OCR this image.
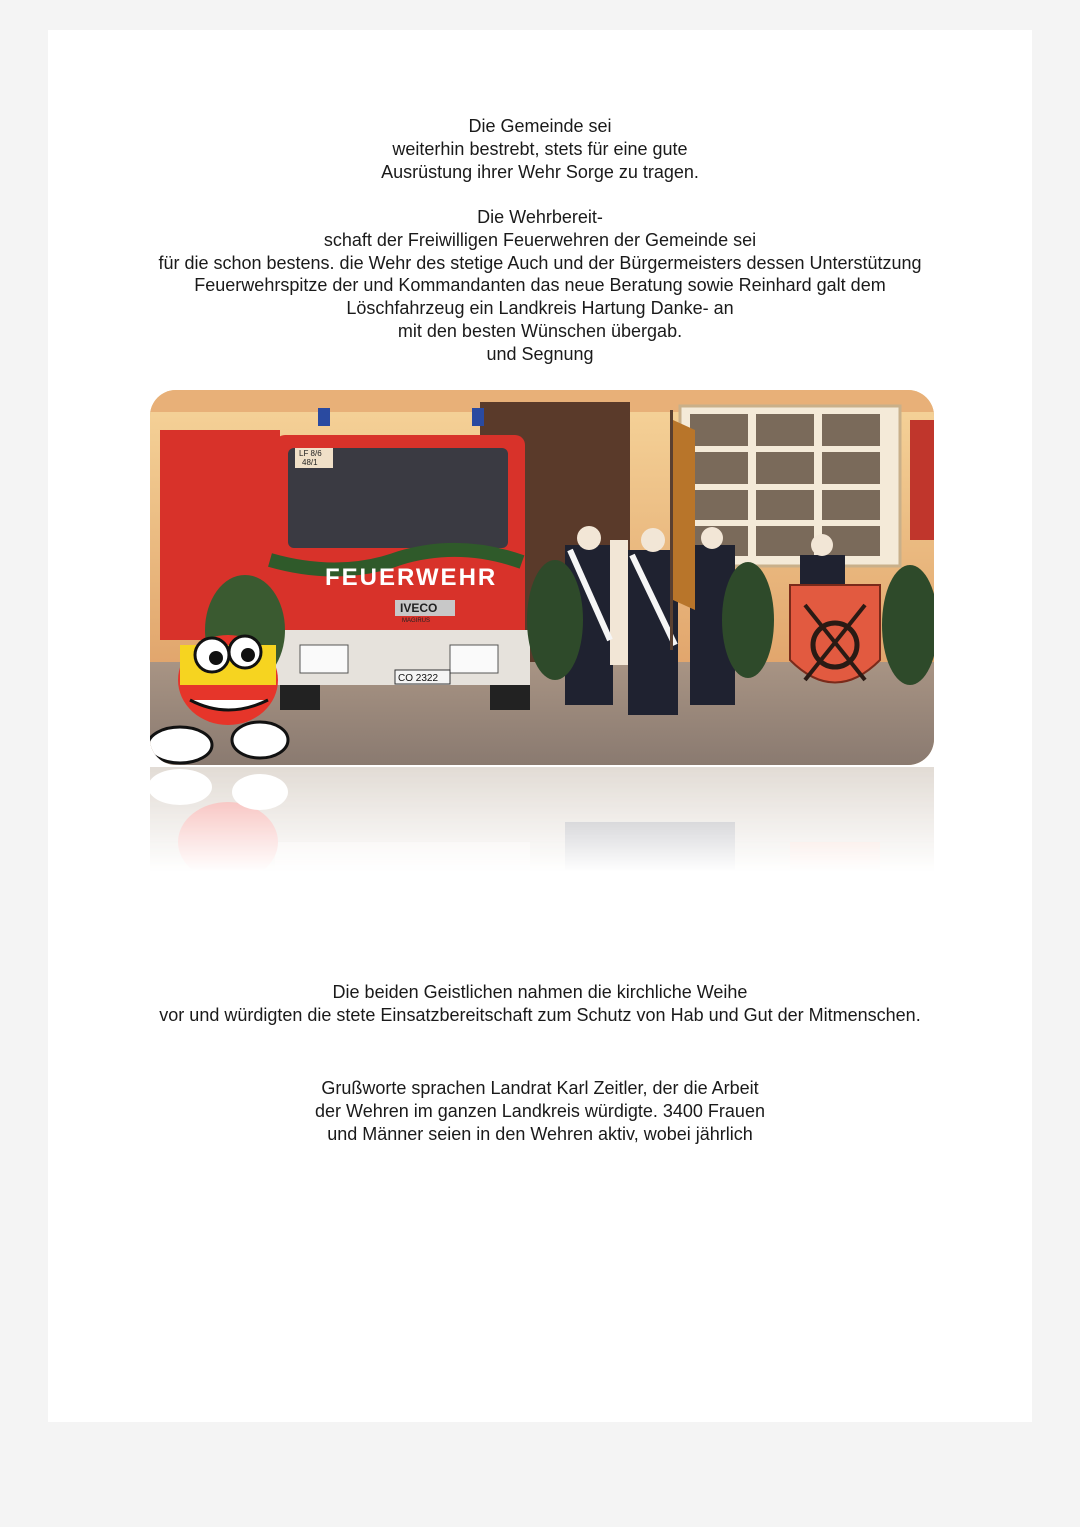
Die Gemeinde sei
weiterhin bestrebt, stets für eine gute
Ausrüstung ihrer Wehr Sorge zu tragen.
Die Wehrbereit-
schaft der Freiwilligen Feuerwehren der Gemeinde sei
für die schon bestens. die Wehr des stetige Auch und der Bürgermeisters dessen Unterstützung
Feuerwehrspitze der und Kommandanten das neue Beratung sowie Reinhard galt dem
Löschfahrzeug ein Landkreis Hartung Danke- an
mit den besten Wünschen übergab.
und Segnung
LF 8/6
48/1
FEUERWEHR
IVECO
MAGIRUS
CO 2322
Die beiden Geistlichen nahmen die kirchliche Weihe
vor und würdigten die stete Einsatzbereitschaft zum Schutz von Hab und Gut der Mitmenschen.
Grußworte sprachen Landrat Karl Zeitler, der die Arbeit
der Wehren im ganzen Landkreis würdigte. 3400 Frauen
und Männer seien in den Wehren aktiv, wobei jährlich
